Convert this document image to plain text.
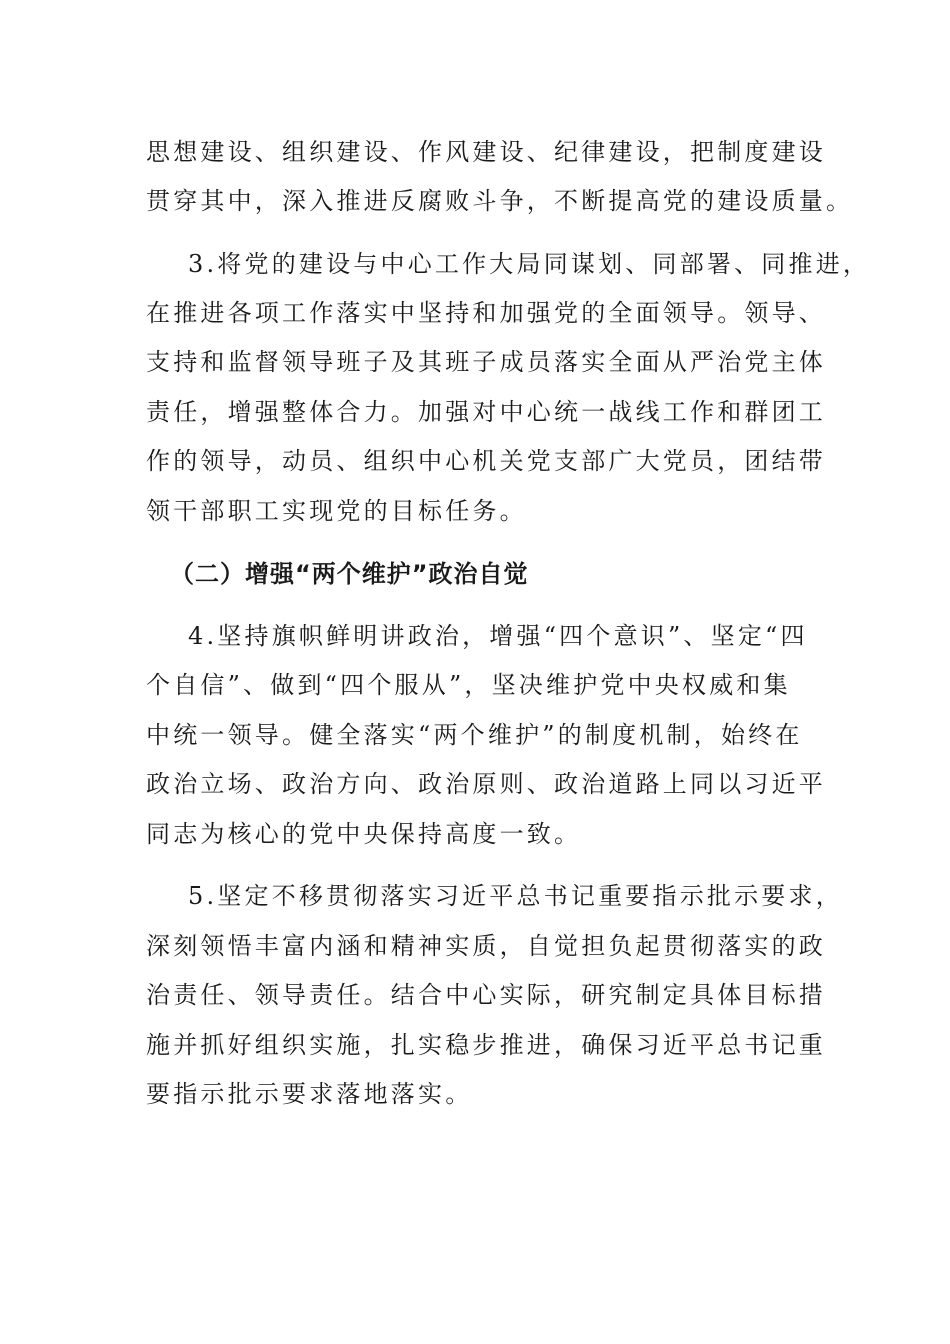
思想建设、组织建设、作风建设、纪律建设，把制度建设
贯穿其中，深入推进反腐败斗争，不断提高党的建设质量。
3.将党的建设与中心工作大局同谋划、同部署、同推进，
在推进各项工作落实中坚持和加强党的全面领导。领导、
支持和监督领导班子及其班子成员落实全面从严治党主体
责任，增强整体合力。加强对中心统一战线工作和群团工
作的领导，动员、组织中心机关党支部广大党员，团结带
领干部职工实现党的目标任务。
（二）增强“两个维护”政治自觉
4.坚持旗帜鲜明讲政治，增强“四个意识”、坚定“四
个自信”、做到“四个服从”，坚决维护党中央权威和集
中统一领导。健全落实“两个维护”的制度机制，始终在
政治立场、政治方向、政治原则、政治道路上同以习近平
同志为核心的党中央保持高度一致。
5.坚定不移贯彻落实习近平总书记重要指示批示要求，
深刻领悟丰富内涵和精神实质，自觉担负起贯彻落实的政
治责任、领导责任。结合中心实际，研究制定具体目标措
施并抓好组织实施，扎实稳步推进，确保习近平总书记重
要指示批示要求落地落实。
